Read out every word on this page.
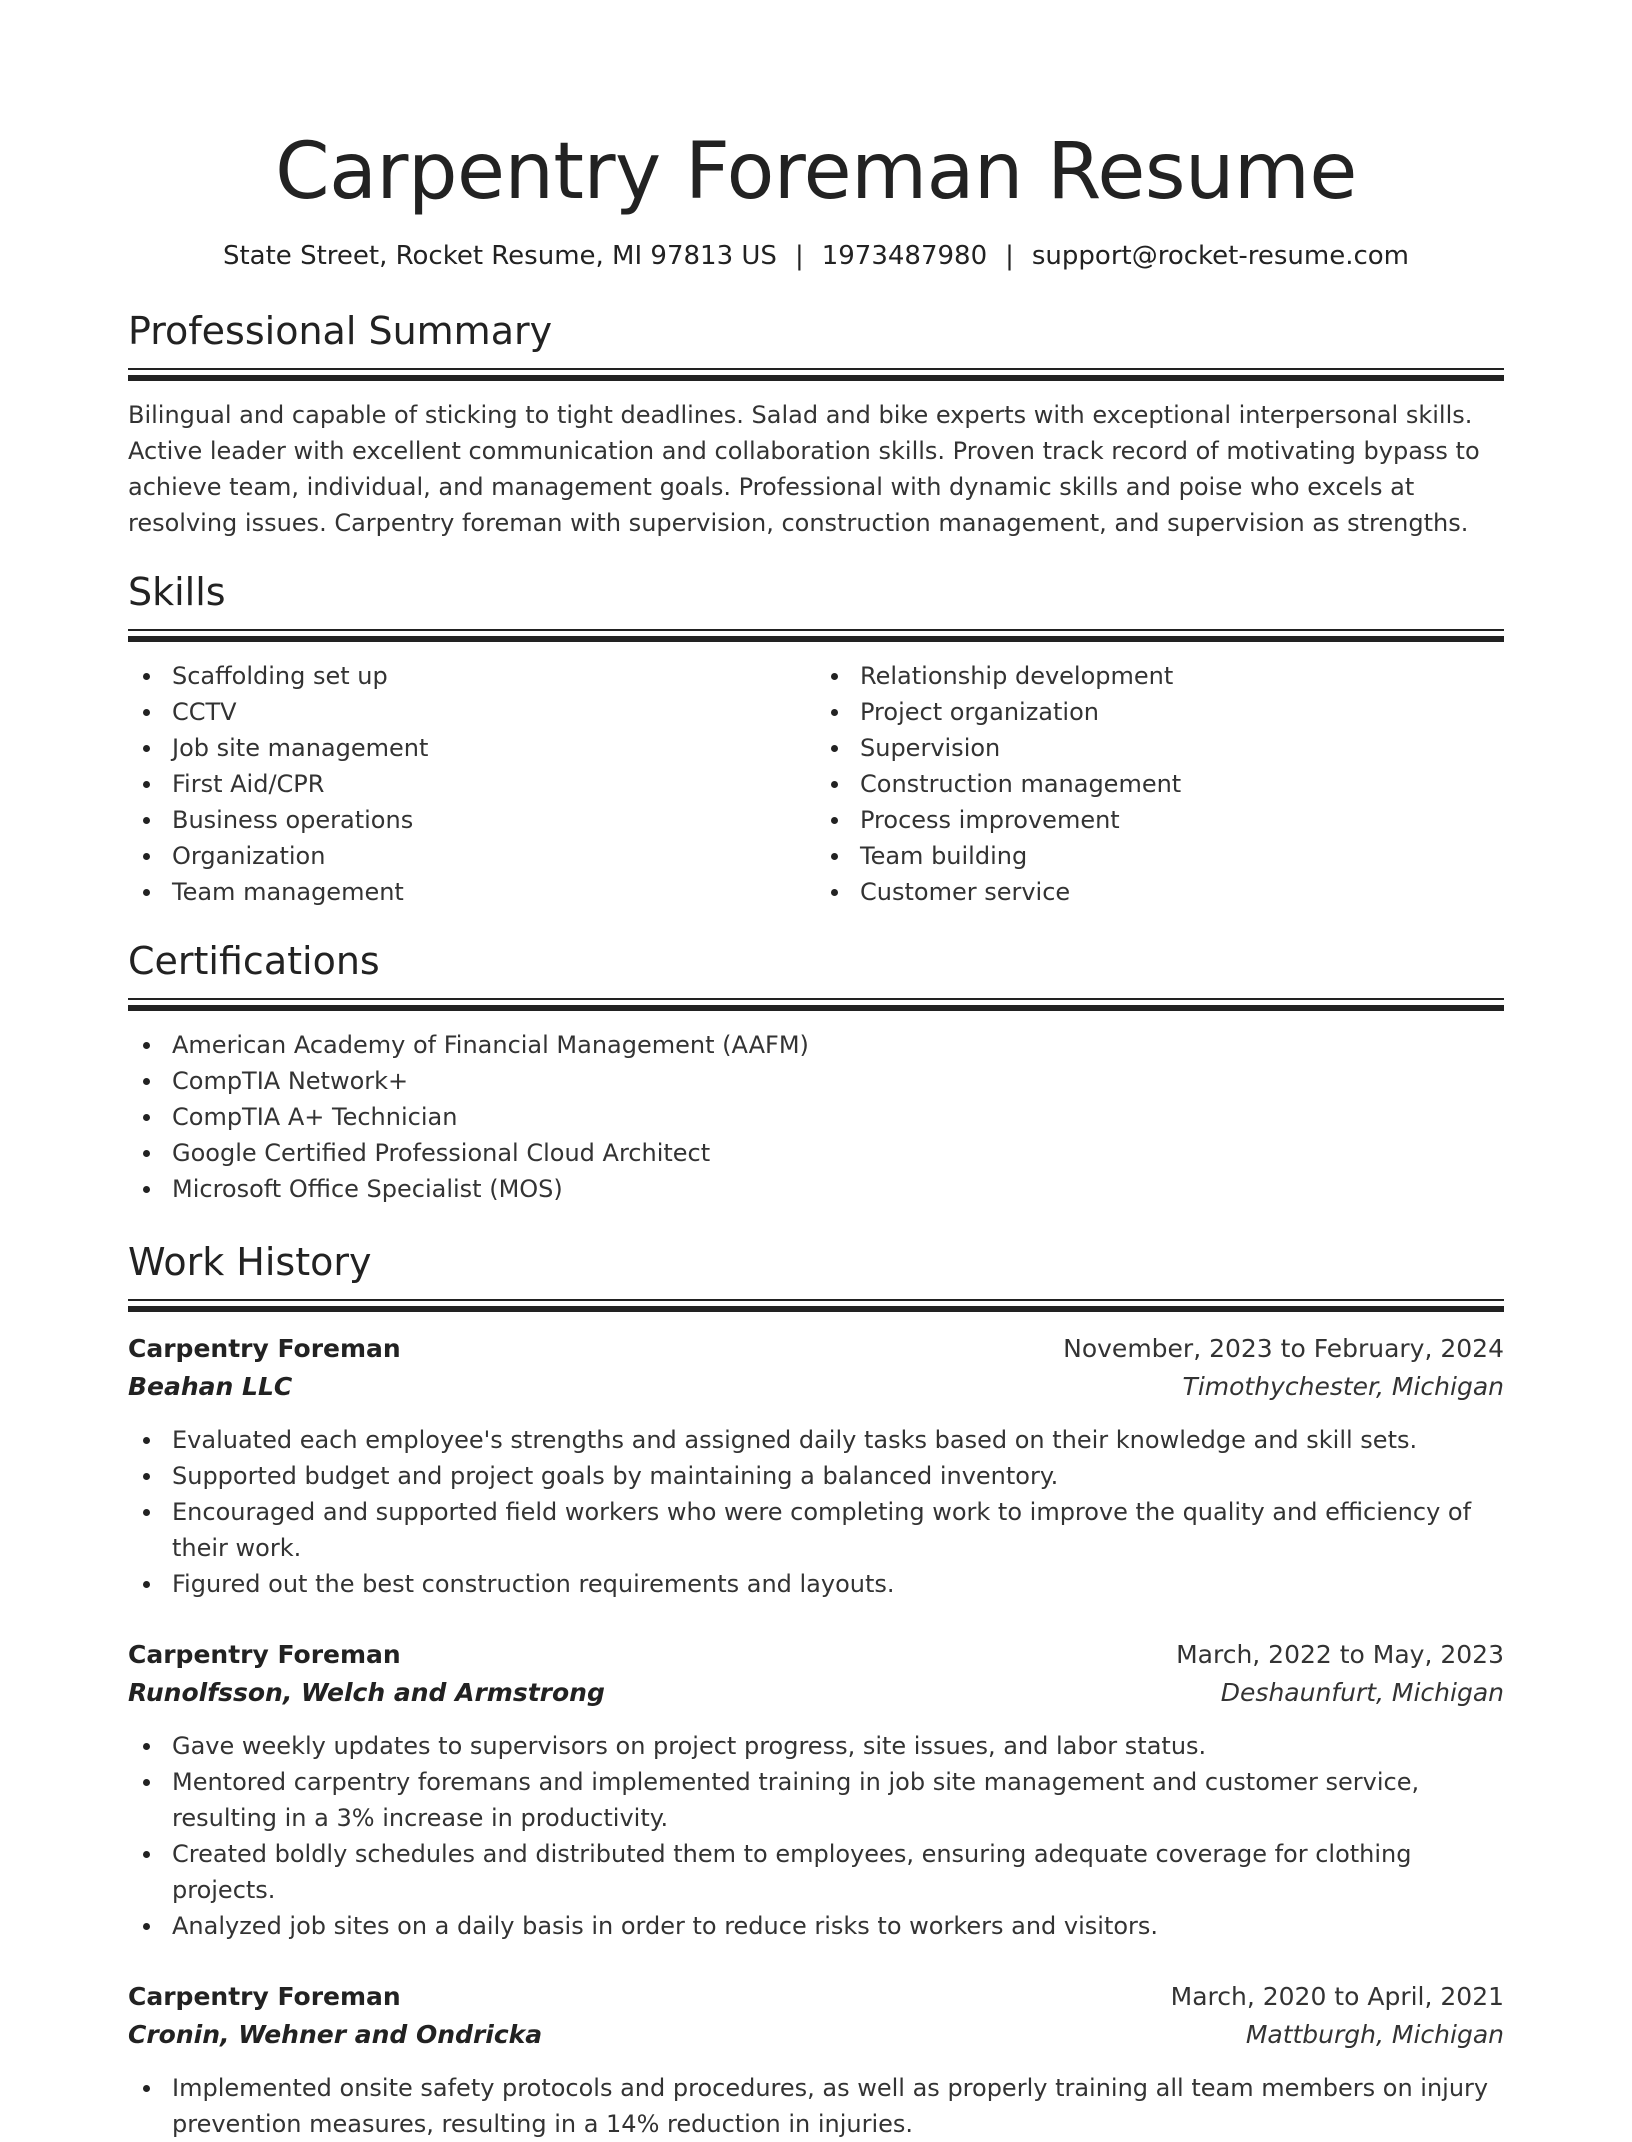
Carpentry Foreman Resume
State Street, Rocket Resume, MI 97813 US | 1973487980 | support@rocket-resume.com
Professional Summary

Bilingual and capable of sticking to tight deadlines. Salad and bike experts with exceptional interpersonal skills. Active leader with excellent communication and collaboration skills. Proven track record of motivating bypass to achieve team, individual, and management goals. Professional with dynamic skills and poise who excels at resolving issues. Carpentry foreman with supervision, construction management, and supervision as strengths.

Skills
Scaffolding set up
CCTV
Job site management
First Aid/CPR
Business operations
Organization
Team management
Relationship development
Project organization
Supervision
Construction management
Process improvement
Team building
Customer service
Certifications
American Academy of Financial Management (AAFM)
CompTIA Network+
CompTIA A+ Technician
Google Certified Professional Cloud Architect
Microsoft Office Specialist (MOS)
Work History
Carpentry Foreman	November, 2023 to February, 2024
Beahan LLC	Timothychester, Michigan
Evaluated each employee's strengths and assigned daily tasks based on their knowledge and skill sets.
Supported budget and project goals by maintaining a balanced inventory.
Encouraged and supported field workers who were completing work to improve the quality and efficiency of their work.
Figured out the best construction requirements and layouts.
Carpentry Foreman	March, 2022 to May, 2023
Runolfsson, Welch and Armstrong	Deshaunfurt, Michigan
Gave weekly updates to supervisors on project progress, site issues, and labor status.
Mentored carpentry foremans and implemented training in job site management and customer service, resulting in a 3% increase in productivity.
Created boldly schedules and distributed them to employees, ensuring adequate coverage for clothing projects.
Analyzed job sites on a daily basis in order to reduce risks to workers and visitors.
Carpentry Foreman	March, 2020 to April, 2021
Cronin, Wehner and Ondricka	Mattburgh, Michigan
Implemented onsite safety protocols and procedures, as well as properly training all team members on injury prevention measures, resulting in a 14% reduction in injuries.
